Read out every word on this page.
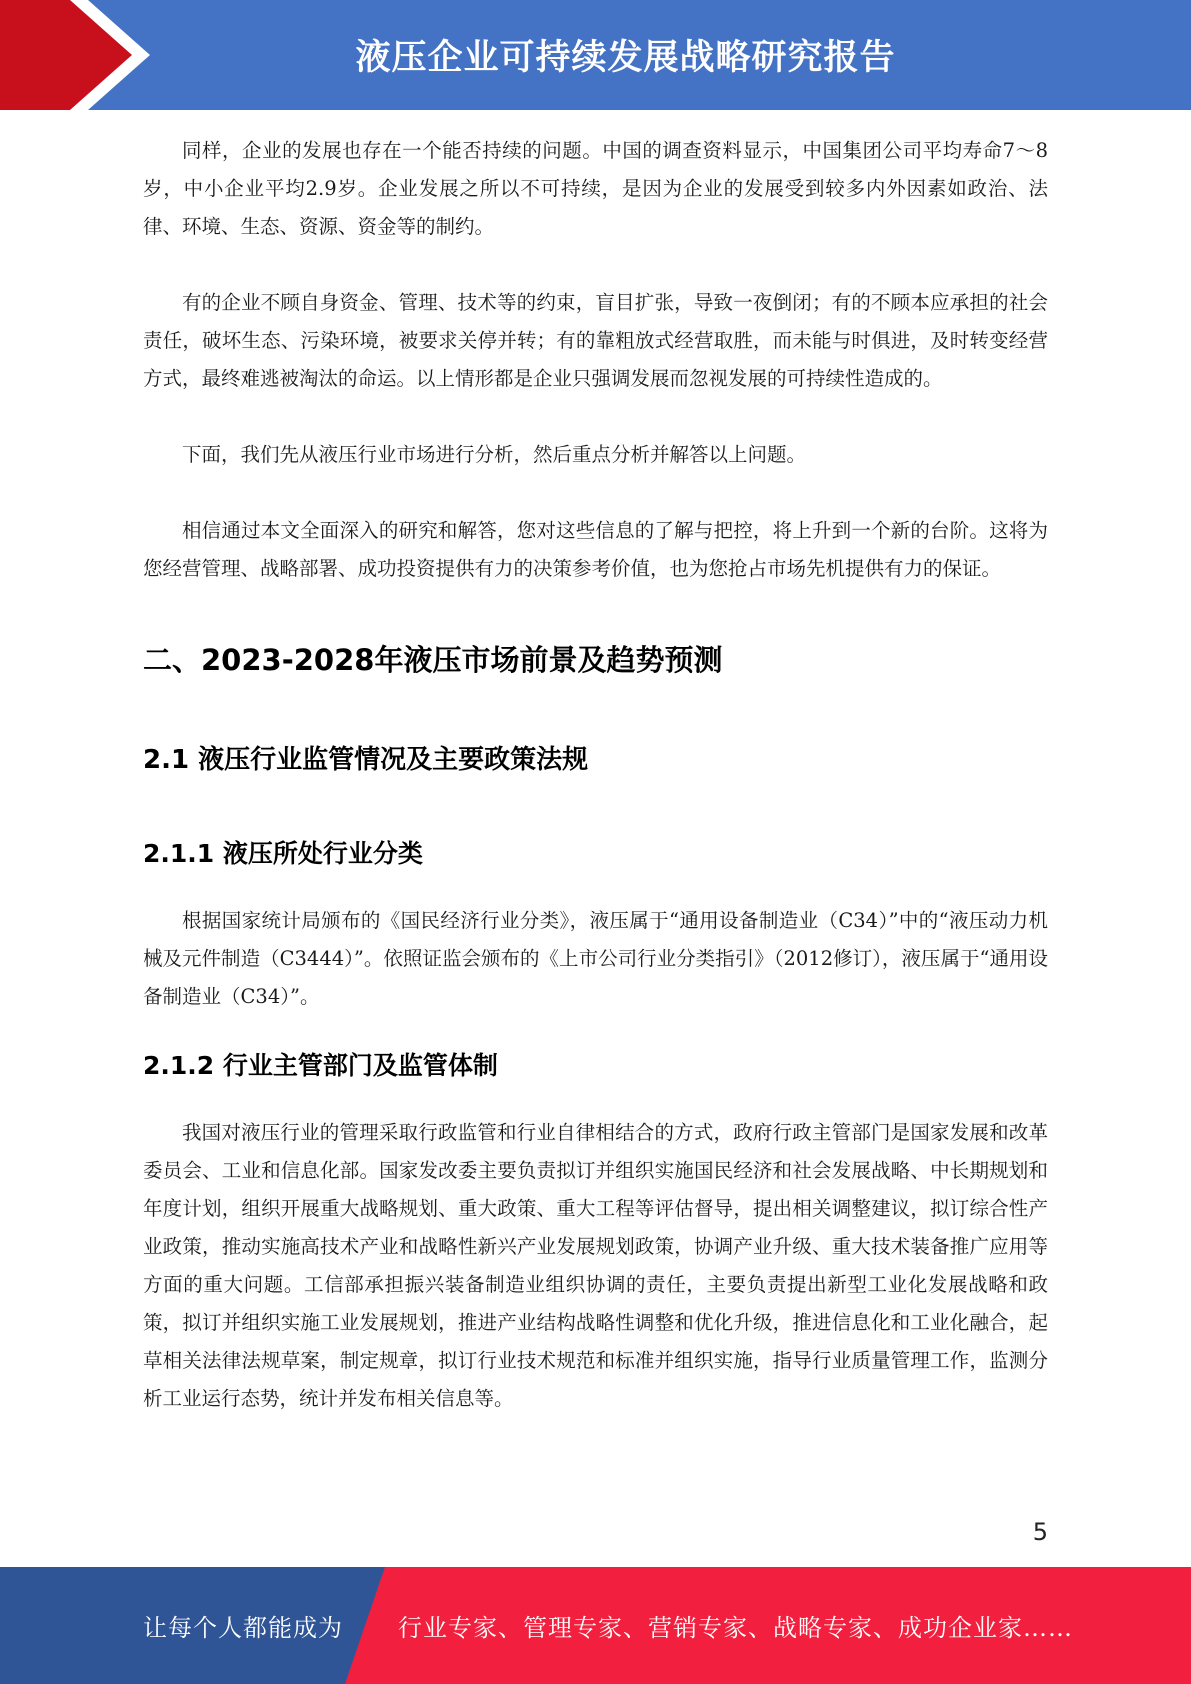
液压企业可持续发展战略研究报告

同样，企业的发展也存在一个能否持续的问题。中国的调查资料显示，中国集团公司平均寿命7～8岁，中小企业平均2.9岁。企业发展之所以不可持续，是因为企业的发展受到较多内外因素如政治、法律、环境、生态、资源、资金等的制约。

有的企业不顾自身资金、管理、技术等的约束，盲目扩张，导致一夜倒闭；有的不顾本应承担的社会责任，破坏生态、污染环境，被要求关停并转；有的靠粗放式经营取胜，而未能与时俱进，及时转变经营方式，最终难逃被淘汰的命运。以上情形都是企业只强调发展而忽视发展的可持续性造成的。

下面，我们先从液压行业市场进行分析，然后重点分析并解答以上问题。

相信通过本文全面深入的研究和解答，您对这些信息的了解与把控，将上升到一个新的台阶。这将为您经营管理、战略部署、成功投资提供有力的决策参考价值，也为您抢占市场先机提供有力的保证。

二、2023-2028年液压市场前景及趋势预测
2.1 液压行业监管情况及主要政策法规
2.1.1 液压所处行业分类

根据国家统计局颁布的《国民经济行业分类》，液压属于“通用设备制造业（C34）”中的“液压动力机械及元件制造（C3444）”。依照证监会颁布的《上市公司行业分类指引》（2012修订），液压属于“通用设备制造业（C34）”。

2.1.2 行业主管部门及监管体制

我国对液压行业的管理采取行政监管和行业自律相结合的方式，政府行政主管部门是国家发展和改革委员会、工业和信息化部。国家发改委主要负责拟订并组织实施国民经济和社会发展战略、中长期规划和年度计划，组织开展重大战略规划、重大政策、重大工程等评估督导，提出相关调整建议，拟订综合性产业政策，推动实施高技术产业和战略性新兴产业发展规划政策，协调产业升级、重大技术装备推广应用等方面的重大问题。工信部承担振兴装备制造业组织协调的责任，主要负责提出新型工业化发展战略和政策，拟订并组织实施工业发展规划，推进产业结构战略性调整和优化升级，推进信息化和工业化融合，起草相关法律法规草案，制定规章，拟订行业技术规范和标准并组织实施，指导行业质量管理工作，监测分析工业运行态势，统计并发布相关信息等。

5
让每个人都能成为 行业专家、管理专家、营销专家、战略专家、成功企业家……
